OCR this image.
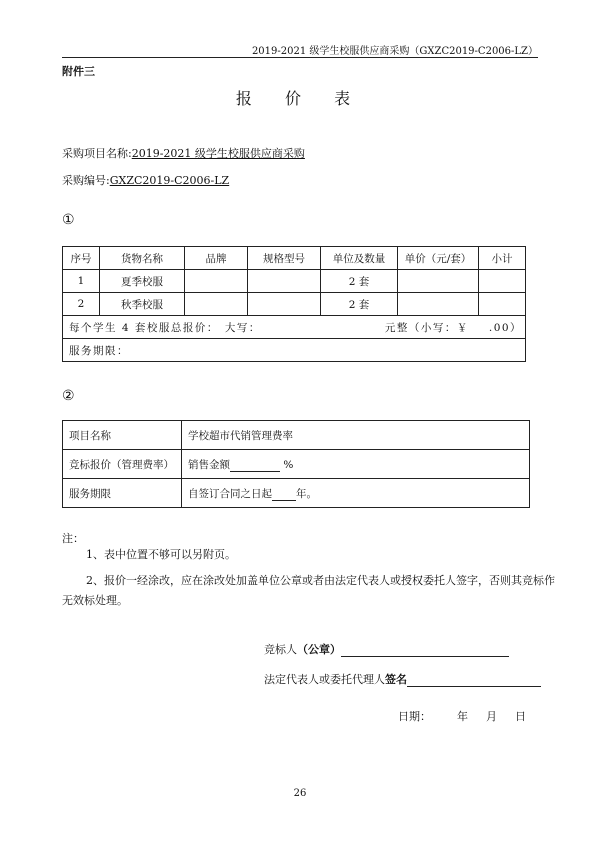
2019-2021 级学生校服供应商采购（GXZC2019-C2006-LZ）
附件三
报 价 表
采购项目名称:2019-2021 级学生校服供应商采购
采购编号:GXZC2019-C2006-LZ
①
序号	货物名称	品牌	规格型号	单位及数量	单价（元/套）	小计
1	夏季校服			2 套		
2	秋季校服			2 套		
每个学生 4 套校服总报价： 大写： 元整（小写：￥ .00）						
服务期限：						
②
项目名称	学校超市代销管理费率
竞标报价（管理费率）	销售金额 %
服务期限	自签订合同之日起 年。
注：
1、表中位置不够可以另附页。
2、报价一经涂改，应在涂改处加盖单位公章或者由法定代表人或授权委托人签字，否则其竞标作
无效标处理。
竞标人（公章）
法定代表人或委托代理人签名
日期： 年 月 日
26
